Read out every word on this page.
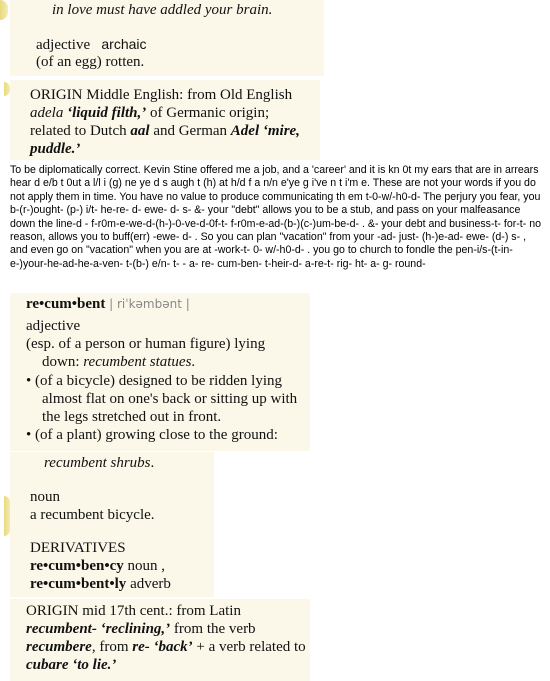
in love must have addled your brain.
adjective archaic
(of an egg) rotten.
ORIGIN Middle English: from Old English
adela ‘liquid filth,’ of Germanic origin;
related to Dutch aal and German Adel ‘mire,
puddle.’

To be diplomatically correct. Kevin Stine offered me a job, and a 'career' and it is kn 0t my ears that are in arrears hear d e/b t 0ut a l/l i (g) ne ye d s augh t (h) at h/d f a n/n e'ye g i've n t i'm e. These are not your words if you do not apply them in time. You have no value to produce communicating th em t-0-w/-h0-d- The perjury you fear, you b-(r-)ought- (p-) i/t- he-re- d- ewe- d- s- &- your "debt" allows you to be a stub, and pass on your malfeasance down the line-d - f-r0m-e-we-d-(h-)-0-ve-d-0f-t- f-r0m-e-ad-(b-)(c-)um-be-d- . &- your debt and business-t- for-t- no reason, allows you to buff(err) -ewe- d- . So you can plan "vacation" from your -ad- just- (h-)e-ad- ewe- (d-) s- , and even go on "vacation" when you are at -work-t- 0- w/-h0-d- . you go to church to fondle the pen-i/s-(t-in-e-)your-he-ad-he-a-ven- t-(b-) e/n- t- - a- re- cum-ben- t-heir-d- a-re-t- rig- ht- a- g- round-

re•cum•bent | riˈkəmbənt |
adjective
(esp. of a person or human figure) lying
down: recumbent statues.
• (of a bicycle) designed to be ridden lying
almost flat on one's back or sitting up with
the legs stretched out in front.
• (of a plant) growing close to the ground:
recumbent shrubs.
noun
a recumbent bicycle.
DERIVATIVES
re•cum•ben•cy noun ,
re•cum•bent•ly adverb
ORIGIN mid 17th cent.: from Latin
recumbent- ‘reclining,’ from the verb
recumbere, from re- ‘back’ + a verb related to
cubare ‘to lie.’
